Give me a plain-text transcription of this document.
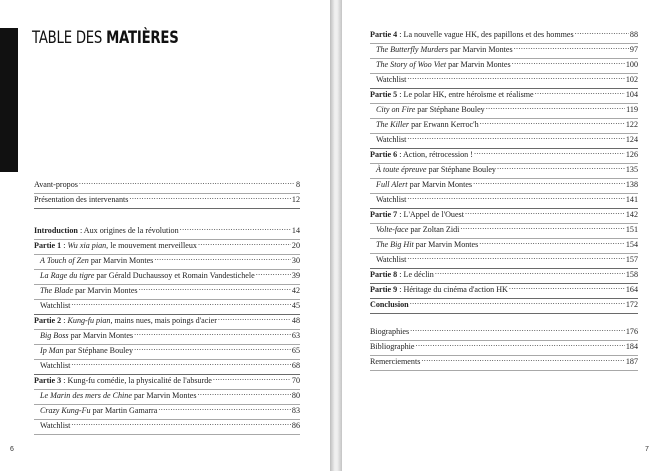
TABLE DES MATIÈRES
Avant-propos .....	8
Présentation des intervenants .....	12
Introduction : Aux origines de la révolution .....	14
Partie 1 : Wu xia pian, le mouvement merveilleux .....	20
A Touch of Zen par Marvin Montes .....	30
La Rage du tigre par Gérald Duchaussoy et Romain Vandestichele .....	39
The Blade par Marvin Montes .....	42
Watchlist .....	45
Partie 2 : Kung-fu pian, mains nues, mais poings d'acier .....	48
Big Boss par Marvin Montes .....	63
Ip Man par Stéphane Bouley .....	65
Watchlist .....	68
Partie 3 : Kung-fu comédie, la physicalité de l'absurde .....	70
Le Marin des mers de Chine par Marvin Montes .....	80
Crazy Kung-Fu par Martin Gamarra .....	83
Watchlist .....	86
Partie 4 : La nouvelle vague HK, des papillons et des hommes .....	88
The Butterfly Murders par Marvin Montes .....	97
The Story of Woo Viet par Marvin Montes .....	100
Watchlist .....	102
Partie 5 : Le polar HK, entre héroïsme et réalisme .....	104
City on Fire par Stéphane Bouley .....	119
The Killer par Erwann Kerroc'h .....	122
Watchlist .....	124
Partie 6 : Action, rétrocession ! .....	126
À toute épreuve par Stéphane Bouley .....	135
Full Alert par Marvin Montes .....	138
Watchlist .....	141
Partie 7 : L'Appel de l'Ouest .....	142
Volte-face par Zoltan Zidi .....	151
The Big Hit par Marvin Montes .....	154
Watchlist .....	157
Partie 8 : Le déclin .....	158
Partie 9 : Héritage du cinéma d'action HK .....	164
Conclusion .....	172
Biographies .....	176
Bibliographie .....	184
Remerciements .....	187
6	7
